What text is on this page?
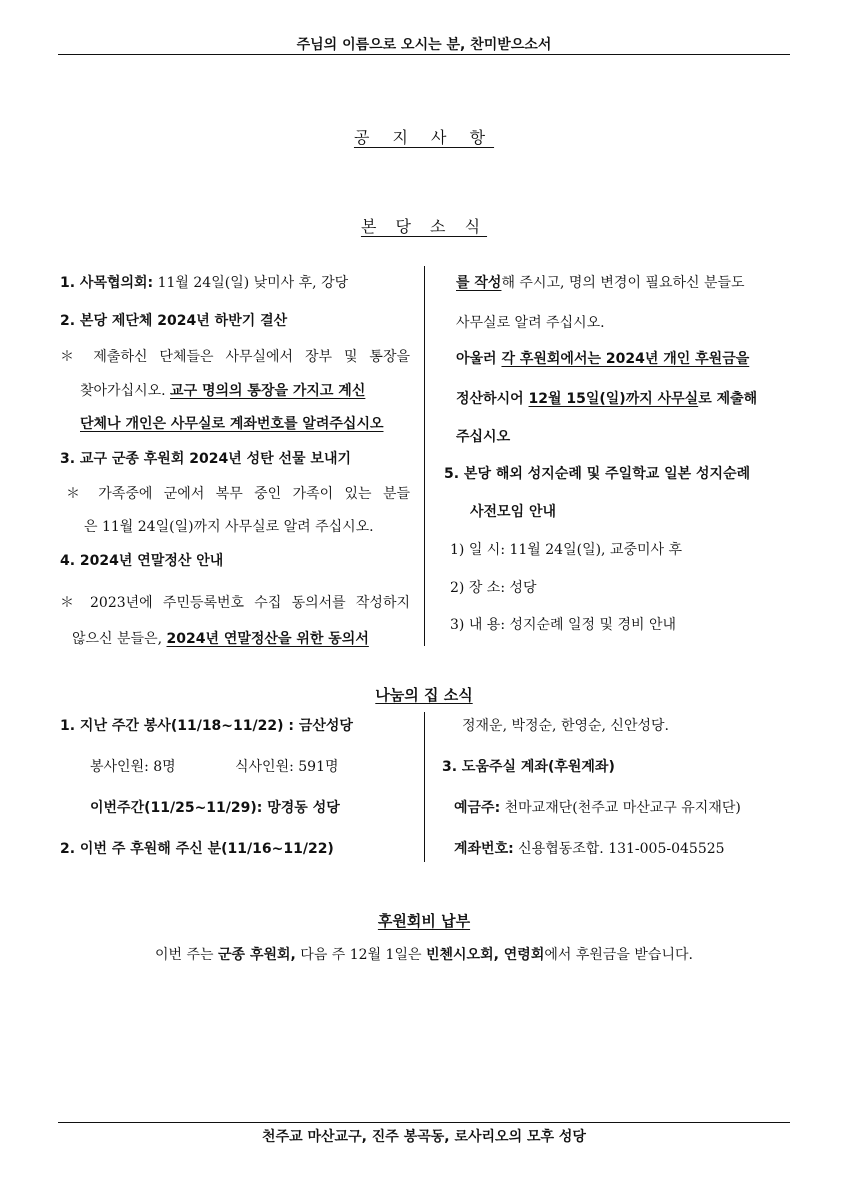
주님의 이름으로 오시는 분, 찬미받으소서
공 지 사 항
본 당 소 식
1. 사목협의회: 11월 24일(일) 낮미사 후, 강당
2. 본당 제단체 2024년 하반기 결산
＊ 제출하신 단체들은 사무실에서 장부 및 통장을
찾아가십시오. 교구 명의의 통장을 가지고 계신
단체나 개인은 사무실로 계좌번호를 알려주십시오
3. 교구 군종 후원회 2024년 성탄 선물 보내기
＊ 가족중에 군에서 복무 중인 가족이 있는 분들
은 11월 24일(일)까지 사무실로 알려 주십시오.
4. 2024년 연말정산 안내
＊ 2023년에 주민등록번호 수집 동의서를 작성하지
않으신 분들은, 2024년 연말정산을 위한 동의서
를 작성해 주시고, 명의 변경이 필요하신 분들도
사무실로 알려 주십시오.
아울러 각 후원회에서는 2024년 개인 후원금을
정산하시어 12월 15일(일)까지 사무실로 제출해
주십시오
5. 본당 해외 성지순례 및 주일학교 일본 성지순례
사전모임 안내
1) 일 시: 11월 24일(일), 교중미사 후
2) 장 소: 성당
3) 내 용: 성지순례 일정 및 경비 안내
나눔의 집 소식
1. 지난 주간 봉사(11/18~11/22) : 금산성당
봉사인원: 8명	식사인원: 591명
이번주간(11/25~11/29): 망경동 성당
2. 이번 주 후원해 주신 분(11/16~11/22)
정재운, 박정순, 한영순, 신안성당.
3. 도움주실 계좌(후원계좌)
예금주: 천마교재단(천주교 마산교구 유지재단)
계좌번호: 신용협동조합. 131-005-045525
후원회비 납부
이번 주는 군종 후원회, 다음 주 12월 1일은 빈첸시오회, 연령회에서 후원금을 받습니다.
천주교 마산교구, 진주 봉곡동, 로사리오의 모후 성당
